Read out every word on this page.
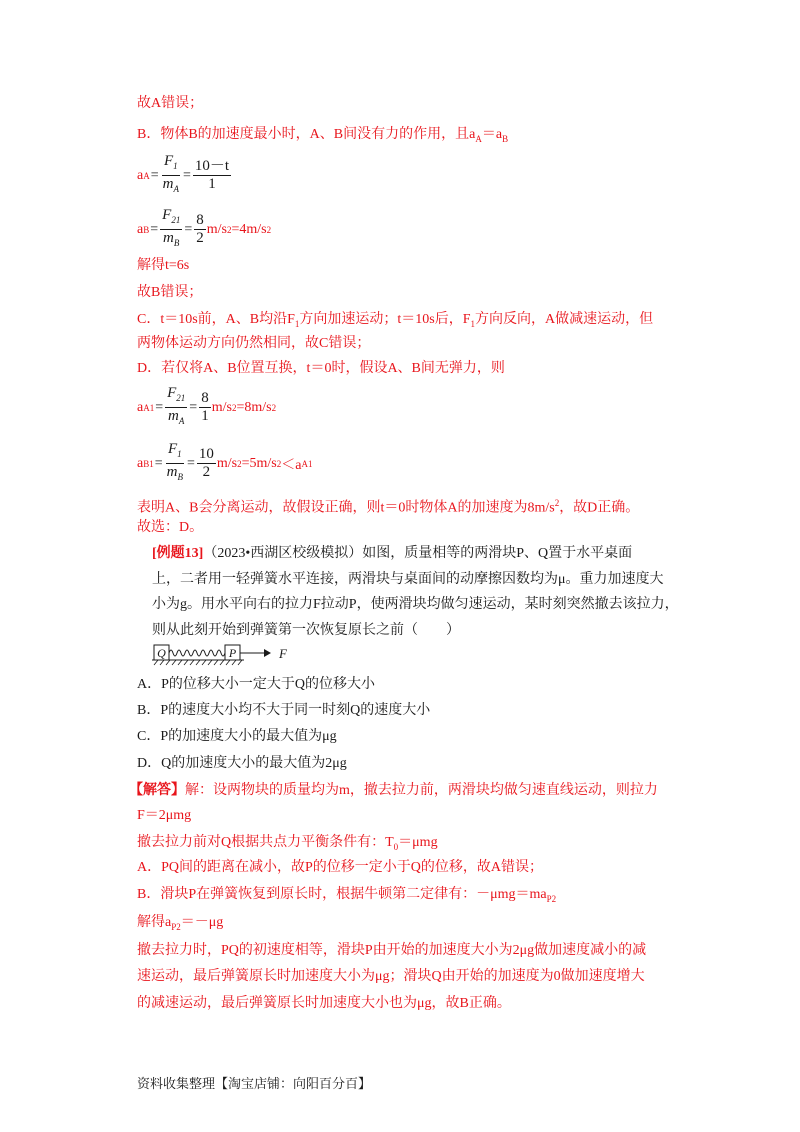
故A错误；
B．物体B的加速度最小时，A、B间没有力的作用，且$a_A=a_B$
a $A = \frac{F_1}{m_A} = \frac{10-t}{1}$
a $B = \frac{F_{21}}{m_B} = \frac{8}{2} m/s$ 2 =4m/s 2
解得t=6s
故B错误；
C．t＝10s前，A、B均沿$F_1$方向加速运动；t＝10s后，$F_1$方向反向，A做减速运动，但
两物体运动方向仍然相同，故C错误；
D．若仅将A、B位置互换，t＝0时，假设A、B间无弹力，则
a $A1 = \frac{F_{21}}{m_A} = \frac{8}{1} m/s$ 2 =8m/s 2
a $B1 = \frac{F_1}{m_B} = \frac{10}{2} m/s$ 2 =5m/s 2 ＜a A1
表明A、B会分离运动，故假设正确，则t＝0时物体A的加速度为$8m/s^2$，故D正确。
故选：D。
[例题13]（2023•西湖区校级模拟）如图，质量相等的两滑块P、Q置于水平桌面
上，二者用一轻弹簧水平连接，两滑块与桌面间的动摩擦因数均为μ。重力加速度大
小为g。用水平向右的拉力F拉动P，使两滑块均做匀速运动，某时刻突然撤去该拉力，
则从此刻开始到弹簧第一次恢复原长之前（　　）
Q	P	F
A．P的位移大小一定大于Q的位移大小
B．P的速度大小均不大于同一时刻Q的速度大小
C．P的加速度大小的最大值为μg
D．Q的加速度大小的最大值为2μg
【解答】解：设两物块的质量均为m，撤去拉力前，两滑块均做匀速直线运动，则拉力
F＝2μmg
撤去拉力前对Q根据共点力平衡条件有：$T_0=\mu mg$
A．PQ间的距离在减小，故P的位移一定小于Q的位移，故A错误；
B．滑块P在弹簧恢复到原长时，根据牛顿第二定律有：$-\mu mg=ma_{P2}$
解得$a_{P2}=-\mu g$
撤去拉力时，PQ的初速度相等，滑块P由开始的加速度大小为2μg做加速度减小的减
速运动，最后弹簧原长时加速度大小为μg；滑块Q由开始的加速度为0做加速度增大
的减速运动，最后弹簧原长时加速度大小也为μg，故B正确。
资料收集整理【淘宝店铺：向阳百分百】
